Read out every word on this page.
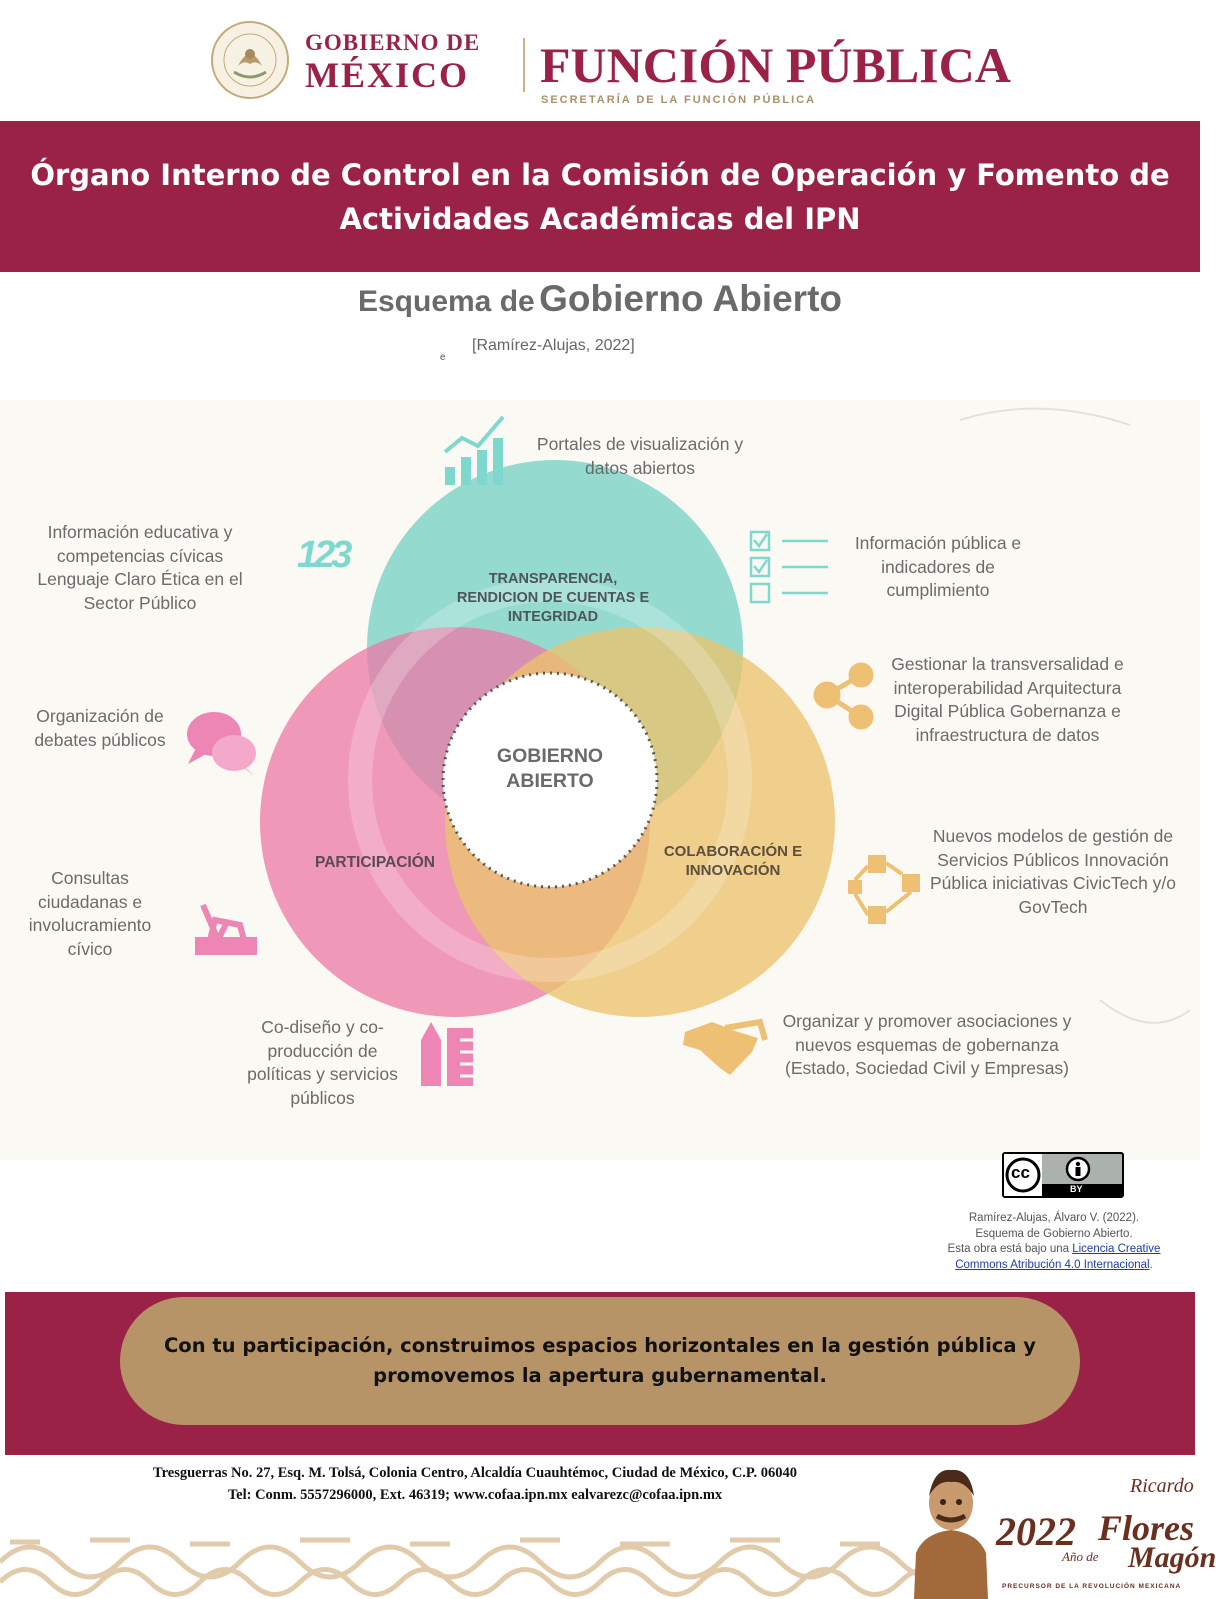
GOBIERNO DE
MÉXICO FUNCIÓN PÚBLICA
SECRETARÍA DE LA FUNCIÓN PÚBLICA
Órgano Interno de Control en la Comisión de Operación y Fomento de Actividades Académicas del IPN
Esquema de Gobierno Abierto
e
[Ramírez-Alujas, 2022]
123
TRANSPARENCIA, RENDICION DE CUENTAS E INTEGRIDAD
PARTICIPACIÓN
COLABORACIÓN E INNOVACIÓN
GOBIERNO ABIERTO
Portales de visualización y datos abiertos
Información educativa y competencias cívicas Lenguaje Claro Ética en el Sector Público
Información pública e indicadores de cumplimiento
Gestionar la transversalidad e interoperabilidad Arquitectura Digital Pública Gobernanza e infraestructura de datos
Organización de debates públicos
Nuevos modelos de gestión de Servicios Públicos Innovación Pública iniciativas CivicTech y/o GovTech
Consultas ciudadanas e involucramiento cívico
Co-diseño y co-producción de políticas y servicios públicos
Organizar y promover asociaciones y nuevos esquemas de gobernanza (Estado, Sociedad Civil y Empresas)
cc
BY
Ramírez-Alujas, Álvaro V. (2022).
Esquema de Gobierno Abierto.
Esta obra está bajo una Licencia Creative Commons Atribución 4.0 Internacional.
Con tu participación, construimos espacios horizontales en la gestión pública y promovemos la apertura gubernamental.
Tresguerras No. 27, Esq. M. Tolsá, Colonia Centro, Alcaldía Cuauhtémoc, Ciudad de México, C.P. 06040
Tel: Conm. 5557296000, Ext. 46319; www.cofaa.ipn.mx ealvarezc@cofaa.ipn.mx	Ricardo
2022 Flores
Año de Magón
PRECURSOR DE LA REVOLUCIÓN MEXICANA
